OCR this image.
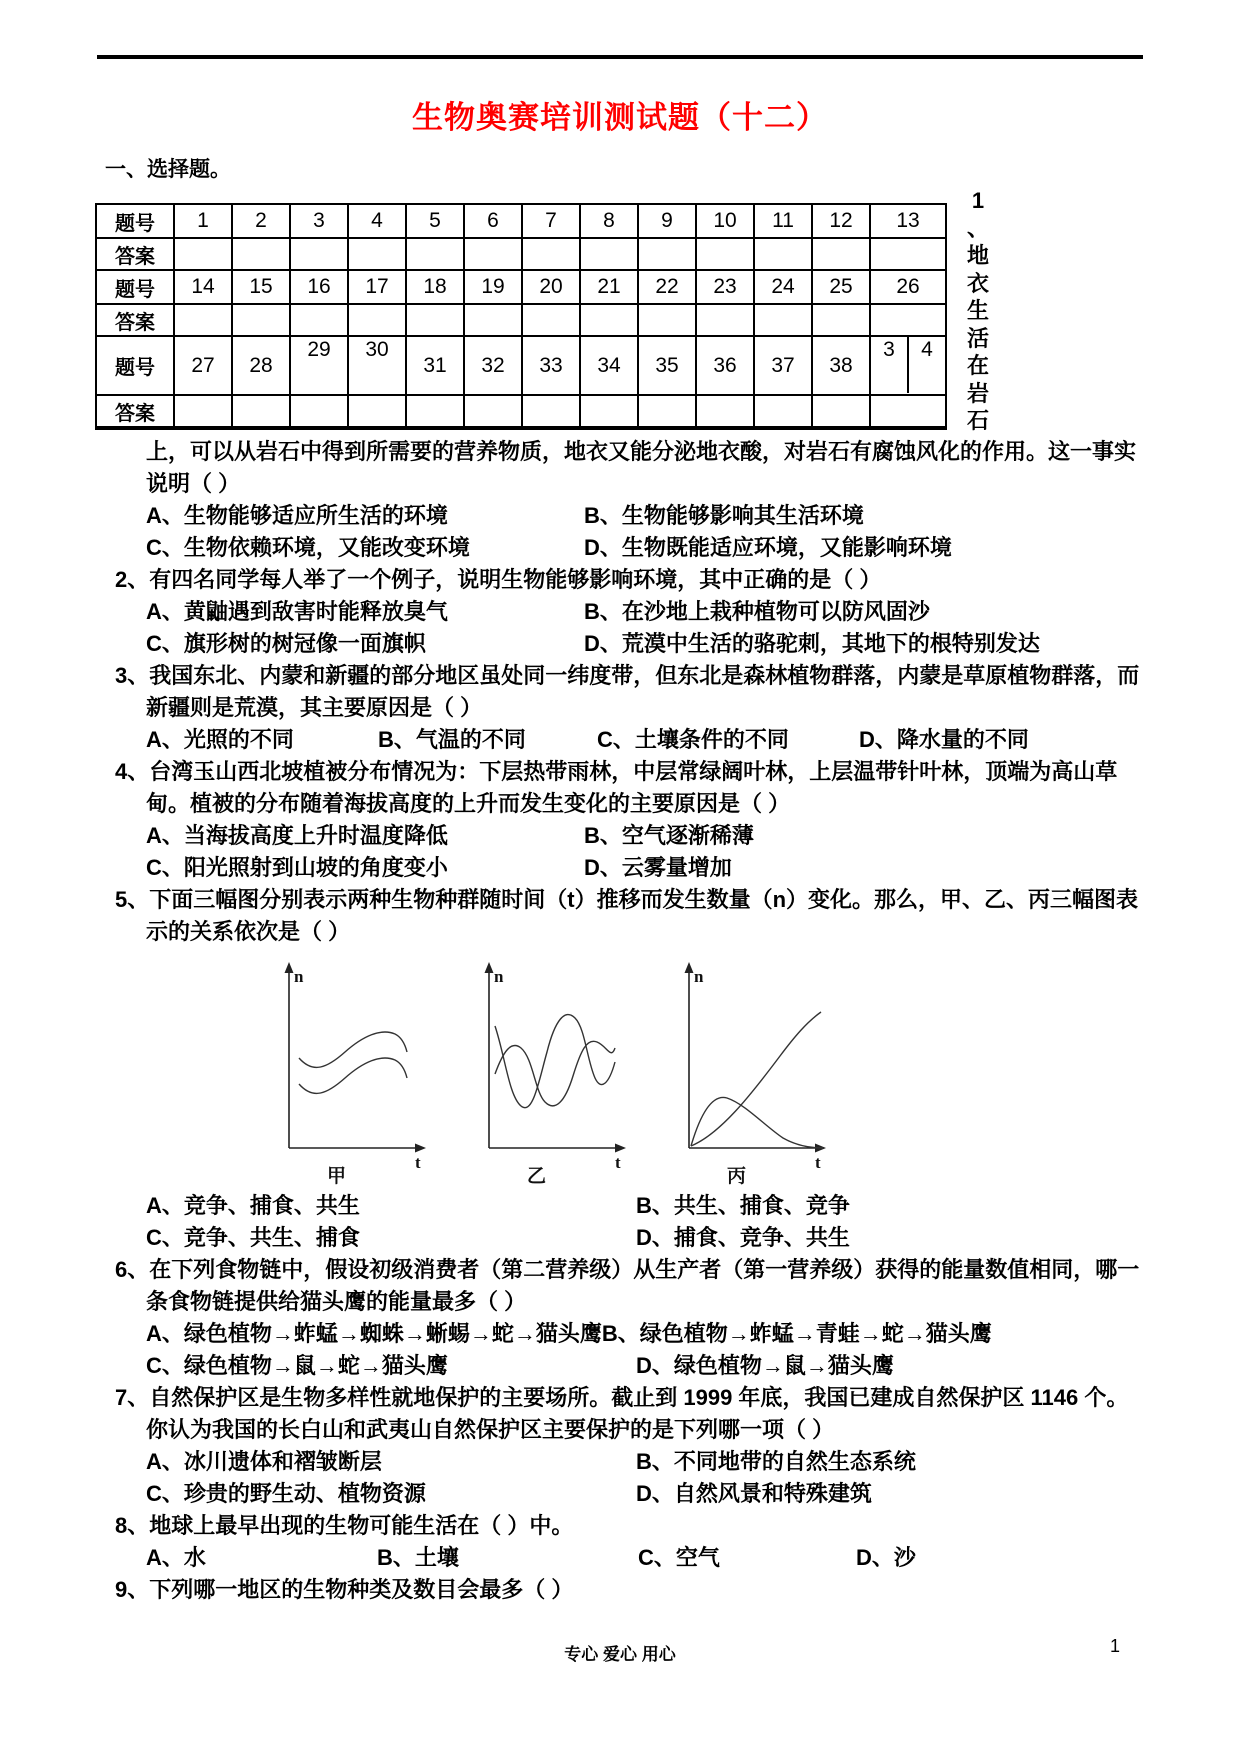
生物奥赛培训测试题（十二）
一、选择题。
题号	1	2	3	4	5	6	7	8	9	10	11	12	13
答案													
题号	14	15	16	17	18	19	20	21	22	23	24	25	26
答案													
题号	27	28	29	30	31	32	33	34	35	36	37	38	3 4

答案													
1
、
地
衣
生
活
在
岩
石

上，可以从岩石中得到所需要的营养物质，地衣又能分泌地衣酸，对岩石有腐蚀风化的作用。这一事实说明（ ）

A、生物能够适应所生活的环境	B、生物能够影响其生活环境
C、生物依赖环境，又能改变环境	D、生物既能适应环境，又能影响环境

2、有四名同学每人举了一个例子，说明生物能够影响环境，其中正确的是（ ）

A、黄鼬遇到敌害时能释放臭气	B、在沙地上栽种植物可以防风固沙
C、旗形树的树冠像一面旗帜	D、荒漠中生活的骆驼刺，其地下的根特别发达

3、我国东北、内蒙和新疆的部分地区虽处同一纬度带，但东北是森林植物群落，内蒙是草原植物群落，而新疆则是荒漠，其主要原因是（ ）

A、光照的不同	B、气温的不同	C、土壤条件的不同	D、降水量的不同

4、台湾玉山西北坡植被分布情况为：下层热带雨林，中层常绿阔叶林，上层温带针叶林，顶端为高山草甸。植被的分布随着海拔高度的上升而发生变化的主要原因是（ ）

A、当海拔高度上升时温度降低	B、空气逐渐稀薄
C、阳光照射到山坡的角度变小	D、云雾量增加

5、下面三幅图分别表示两种生物种群随时间（t）推移而发生数量（n）变化。那么，甲、乙、丙三幅图表示的关系依次是（ ）

n
t
甲
n
t
乙
n
t
丙
A、竞争、捕食、共生	B、共生、捕食、竞争
C、竞争、共生、捕食	D、捕食、竞争、共生

6、在下列食物链中，假设初级消费者（第二营养级）从生产者（第一营养级）获得的能量数值相同，哪一条食物链提供给猫头鹰的能量最多（ ）

A、绿色植物→蚱蜢→蜘蛛→蜥蜴→蛇→猫头鹰 B、绿色植物→蚱蜢→青蛙→蛇→猫头鹰
C、绿色植物→鼠→蛇→猫头鹰	D、绿色植物→鼠→猫头鹰

7、自然保护区是生物多样性就地保护的主要场所。截止到 1999 年底，我国已建成自然保护区 1146 个。你认为我国的长白山和武夷山自然保护区主要保护的是下列哪一项（ ）

A、冰川遗体和褶皱断层	B、不同地带的自然生态系统
C、珍贵的野生动、植物资源	D、自然风景和特殊建筑

8、地球上最早出现的生物可能生活在（ ）中。

A、水	B、土壤	C、空气	D、沙

9、下列哪一地区的生物种类及数目会最多（ ）

专心 爱心 用心	1
